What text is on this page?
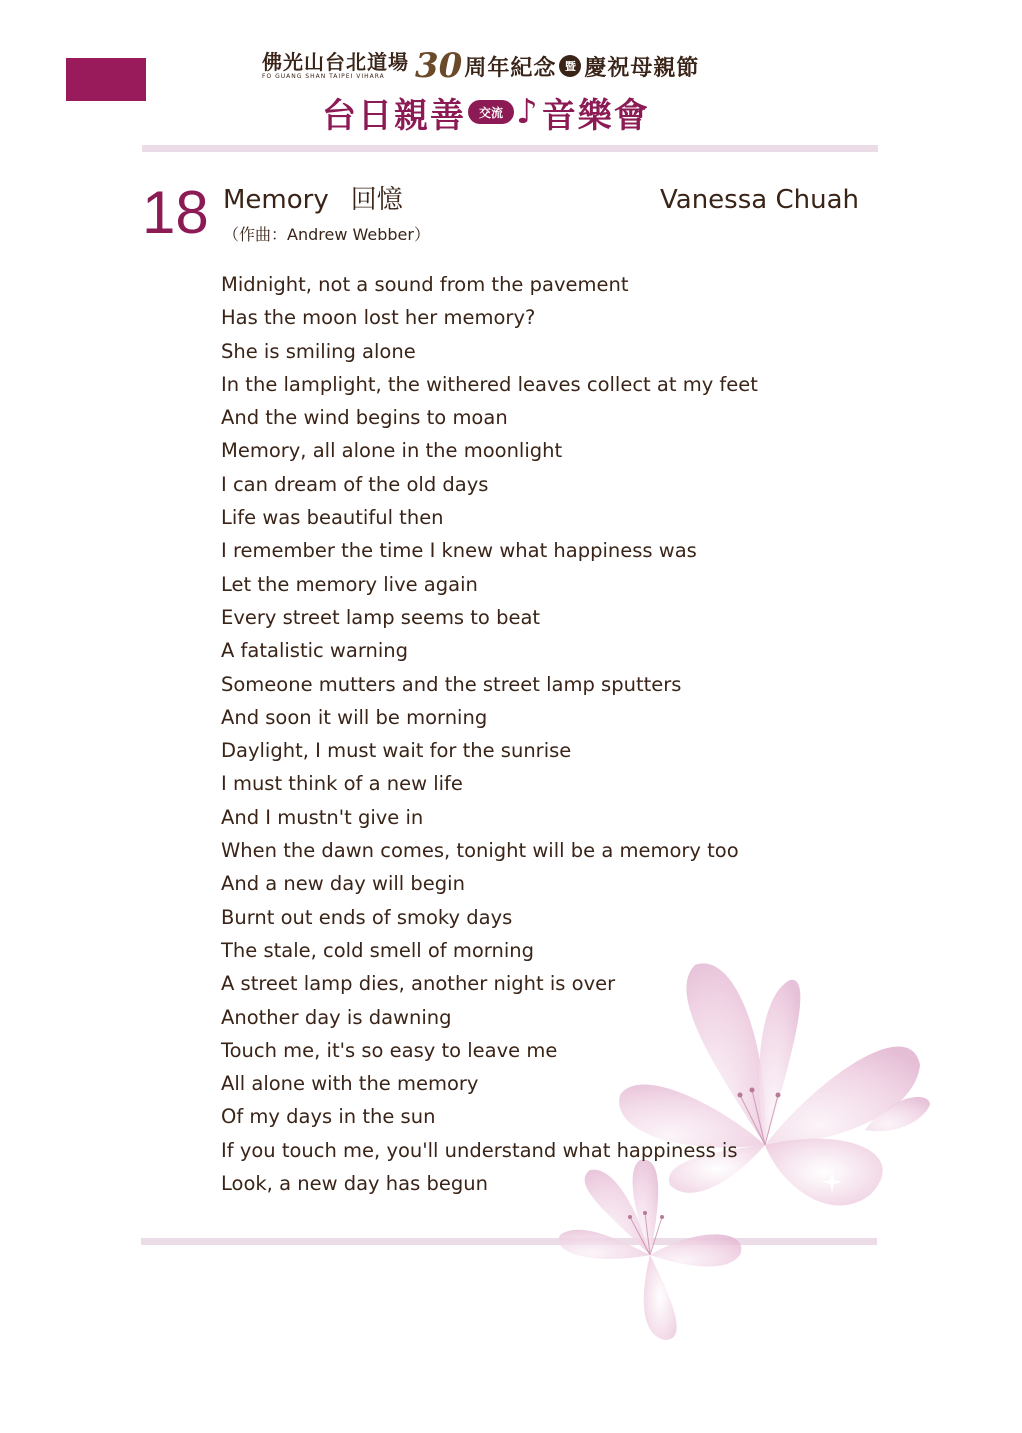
佛光山台北道場
FO GUANG SHAN TAIPEI VIHARA 30 周年紀念 暨 慶祝母親節
台日親善	交流 ♪ 音樂會
18 Memory 回憶
（作曲：Andrew Webber）
Vanessa Chuah
Midnight, not a sound from the pavement
Has the moon lost her memory?
She is smiling alone
In the lamplight, the withered leaves collect at my feet
And the wind begins to moan
Memory, all alone in the moonlight
I can dream of the old days
Life was beautiful then
I remember the time I knew what happiness was
Let the memory live again
Every street lamp seems to beat
A fatalistic warning
Someone mutters and the street lamp sputters
And soon it will be morning
Daylight, I must wait for the sunrise
I must think of a new life
And I mustn't give in
When the dawn comes, tonight will be a memory too
And a new day will begin
Burnt out ends of smoky days
The stale, cold smell of morning
A street lamp dies, another night is over
Another day is dawning
Touch me, it's so easy to leave me
All alone with the memory
Of my days in the sun
If you touch me, you'll understand what happiness is
Look, a new day has begun
